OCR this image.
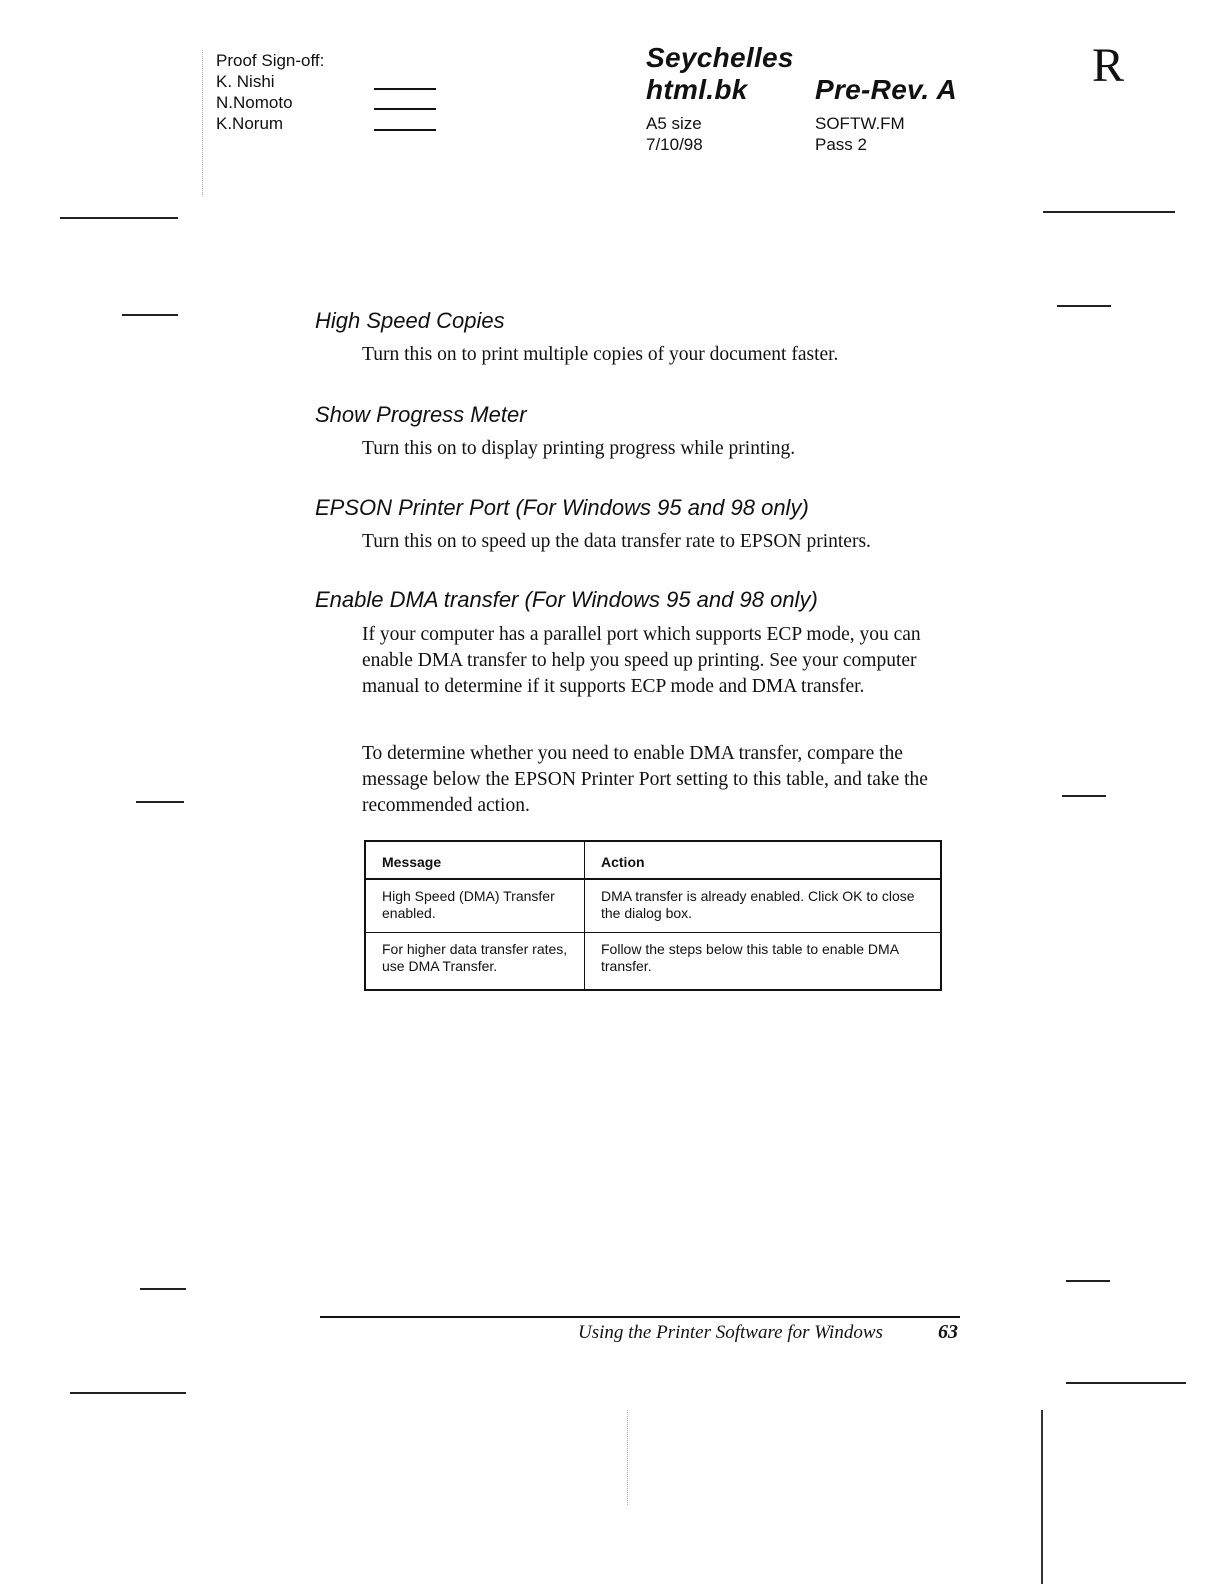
Proof Sign-off:
K. Nishi
N.Nomoto
K.Norum
Seychelles
html.bk Pre-Rev. A
A5 size
7/10/98
SOFTW.FM
Pass 2
R
High Speed Copies
Turn this on to print multiple copies of your document faster.
Show Progress Meter
Turn this on to display printing progress while printing.
EPSON Printer Port (For Windows 95 and 98 only)
Turn this on to speed up the data transfer rate to EPSON printers.
Enable DMA transfer (For Windows 95 and 98 only)
If your computer has a parallel port which supports ECP mode, you can enable DMA transfer to help you speed up printing. See your computer manual to determine if it supports ECP mode and DMA transfer.
To determine whether you need to enable DMA transfer, compare the message below the EPSON Printer Port setting to this table, and take the recommended action.
Message	Action
High Speed (DMA) Transfer enabled.	DMA transfer is already enabled. Click OK to close the dialog box.
For higher data transfer rates, use DMA Transfer.	Follow the steps below this table to enable DMA transfer.
Using the Printer Software for Windows	63
